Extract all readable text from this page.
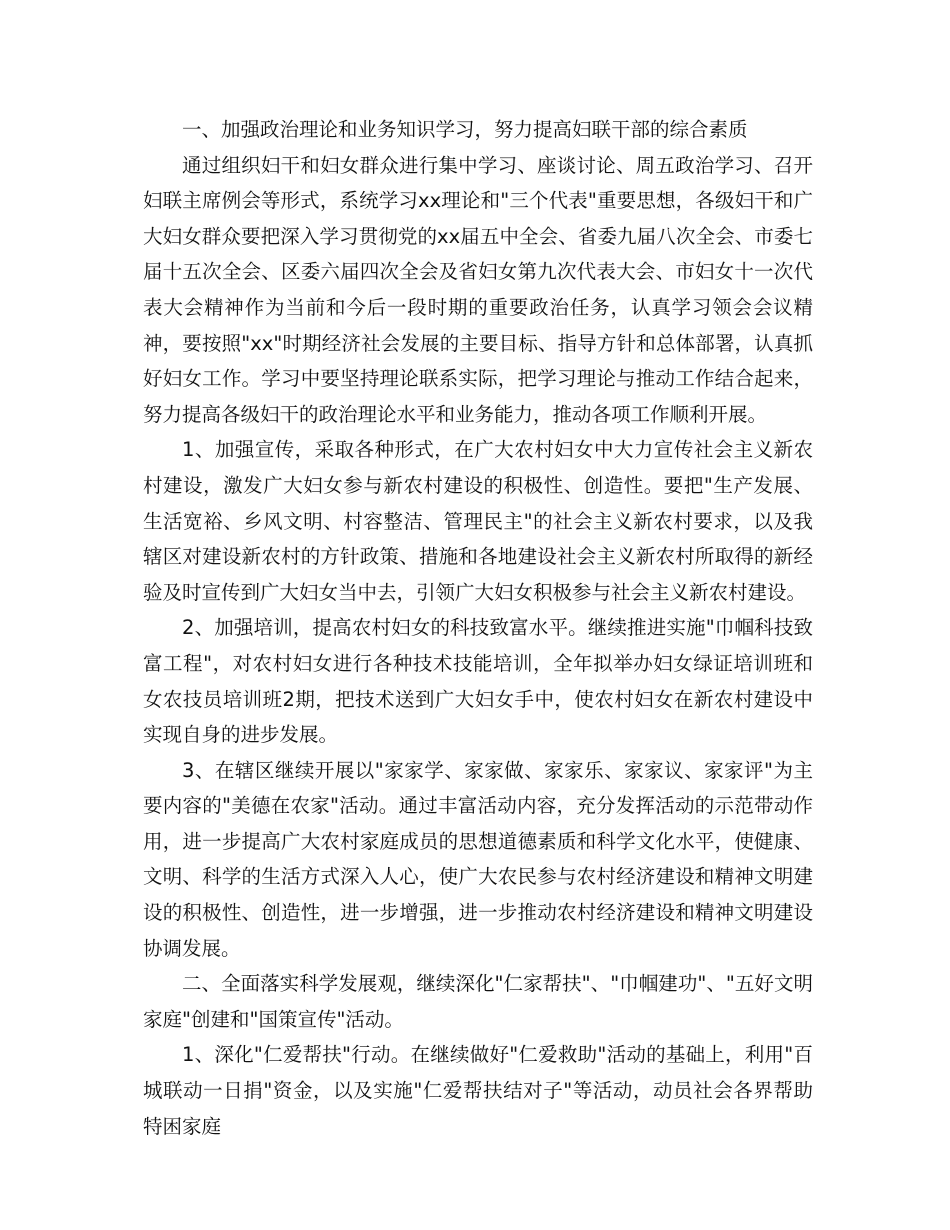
一、加强政治理论和业务知识学习，努力提高妇联干部的综合素质

通过组织妇干和妇女群众进行集中学习、座谈讨论、周五政治学习、召开妇联主席例会等形式，系统学习xx理论和"三个代表"重要思想，各级妇干和广大妇女群众要把深入学习贯彻党的xx届五中全会、省委九届八次全会、市委七届十五次全会、区委六届四次全会及省妇女第九次代表大会、市妇女十一次代表大会精神作为当前和今后一段时期的重要政治任务，认真学习领会会议精神，要按照"xx"时期经济社会发展的主要目标、指导方针和总体部署，认真抓好妇女工作。学习中要坚持理论联系实际，把学习理论与推动工作结合起来，努力提高各级妇干的政治理论水平和业务能力，推动各项工作顺利开展。

1、加强宣传，采取各种形式，在广大农村妇女中大力宣传社会主义新农村建设，激发广大妇女参与新农村建设的积极性、创造性。要把"生产发展、生活宽裕、乡风文明、村容整洁、管理民主"的社会主义新农村要求，以及我辖区对建设新农村的方针政策、措施和各地建设社会主义新农村所取得的新经验及时宣传到广大妇女当中去，引领广大妇女积极参与社会主义新农村建设。

2、加强培训，提高农村妇女的科技致富水平。继续推进实施"巾帼科技致富工程"，对农村妇女进行各种技术技能培训，全年拟举办妇女绿证培训班和女农技员培训班2期，把技术送到广大妇女手中，使农村妇女在新农村建设中实现自身的进步发展。

3、在辖区继续开展以"家家学、家家做、家家乐、家家议、家家评"为主要内容的"美德在农家"活动。通过丰富活动内容，充分发挥活动的示范带动作用，进一步提高广大农村家庭成员的思想道德素质和科学文化水平，使健康、文明、科学的生活方式深入人心，使广大农民参与农村经济建设和精神文明建设的积极性、创造性，进一步增强，进一步推动农村经济建设和精神文明建设协调发展。

二、全面落实科学发展观，继续深化"仁家帮扶"、"巾帼建功"、"五好文明家庭"创建和"国策宣传"活动。

1、深化"仁爱帮扶"行动。在继续做好"仁爱救助"活动的基础上，利用"百城联动一日捐"资金，以及实施"仁爱帮扶结对子"等活动，动员社会各界帮助特困家庭
